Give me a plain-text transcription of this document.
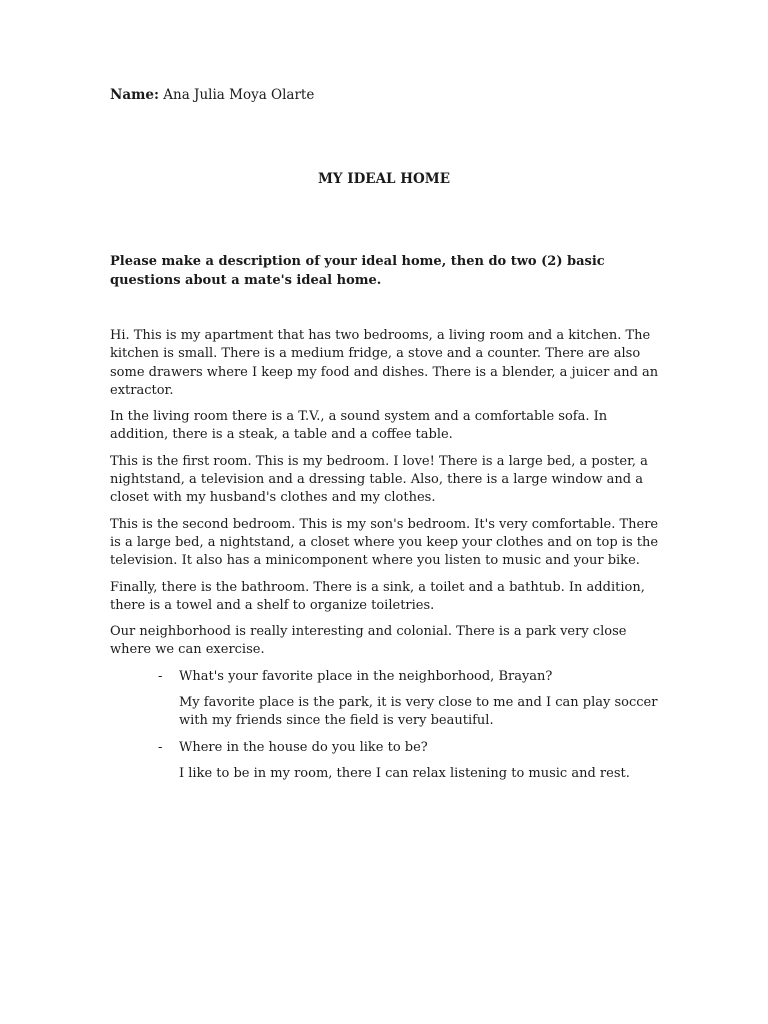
Name: Ana Julia Moya Olarte
MY IDEAL HOME
Please make a description of your ideal home, then do two (2) basic questions about a mate's ideal home.

Hi. This is my apartment that has two bedrooms, a living room and a kitchen. The kitchen is small. There is a medium fridge, a stove and a counter. There are also some drawers where I keep my food and dishes. There is a blender, a juicer and an extractor.

In the living room there is a T.V., a sound system and a comfortable sofa. In addition, there is a steak, a table and a coffee table.

This is the first room. This is my bedroom. I love! There is a large bed, a poster, a nightstand, a television and a dressing table. Also, there is a large window and a closet with my husband's clothes and my clothes.

This is the second bedroom. This is my son's bedroom. It's very comfortable. There is a large bed, a nightstand, a closet where you keep your clothes and on top is the television. It also has a minicomponent where you listen to music and your bike.

Finally, there is the bathroom. There is a sink, a toilet and a bathtub. In addition, there is a towel and a shelf to organize toiletries.

Our neighborhood is really interesting and colonial. There is a park very close where we can exercise.

- What's your favorite place in the neighborhood, Brayan?

My favorite place is the park, it is very close to me and I can play soccer with my friends since the field is very beautiful.

- Where in the house do you like to be?

I like to be in my room, there I can relax listening to music and rest.
